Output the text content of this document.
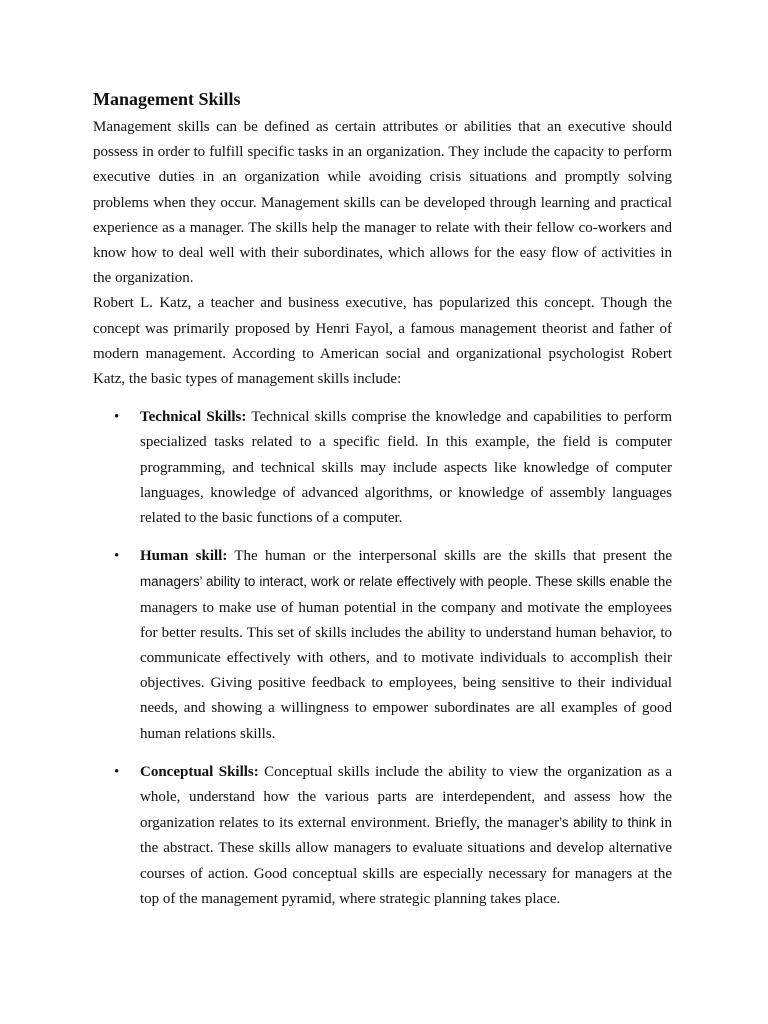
Management Skills

Management skills can be defined as certain attributes or abilities that an executive should possess in order to fulfill specific tasks in an organization. They include the capacity to perform executive duties in an organization while avoiding crisis situations and promptly solving problems when they occur. Management skills can be developed through learning and practical experience as a manager. The skills help the manager to relate with their fellow co-workers and know how to deal well with their subordinates, which allows for the easy flow of activities in the organization.

Robert L. Katz, a teacher and business executive, has popularized this concept. Though the concept was primarily proposed by Henri Fayol, a famous management theorist and father of modern management. According to American social and organizational psychologist Robert Katz, the basic types of management skills include:

• Technical Skills: Technical skills comprise the knowledge and capabilities to perform specialized tasks related to a specific field. In this example, the field is computer programming, and technical skills may include aspects like knowledge of computer languages, knowledge of advanced algorithms, or knowledge of assembly languages related to the basic functions of a computer.

• Human skill: The human or the interpersonal skills are the skills that present the managers’ ability to interact, work or relate effectively with people. These skills enable the managers to make use of human potential in the company and motivate the employees for better results. This set of skills includes the ability to understand human behavior, to communicate effectively with others, and to motivate individuals to accomplish their objectives. Giving positive feedback to employees, being sensitive to their individual needs, and showing a willingness to empower subordinates are all examples of good human relations skills.

• Conceptual Skills: Conceptual skills include the ability to view the organization as a whole, understand how the various parts are interdependent, and assess how the organization relates to its external environment. Briefly, the manager’s ability to think in the abstract. These skills allow managers to evaluate situations and develop alternative courses of action. Good conceptual skills are especially necessary for managers at the top of the management pyramid, where strategic planning takes place.
